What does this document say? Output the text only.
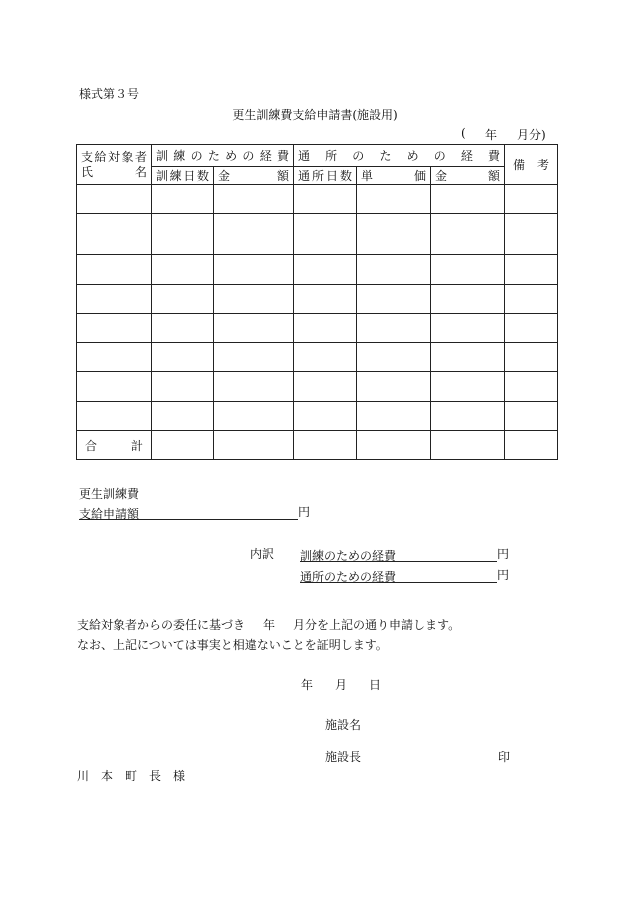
様式第３号
更生訓練費支給申請書(施設用)
( 年 月分)
支給対象者
氏　　名	訓練のための経費		通所のための経費			備考
	訓練日数	金額	通所日数	単価	金額	

合計						
更生訓練費
支給申請額	円
内訳 訓練のための経費	円
通所のための経費	円
支給対象者からの委任に基づき 年 月分を上記の通り申請します。
なお、上記については事実と相違ないことを証明します。
年 月 日
施設名
施設長	印
川　本　町　長　様
